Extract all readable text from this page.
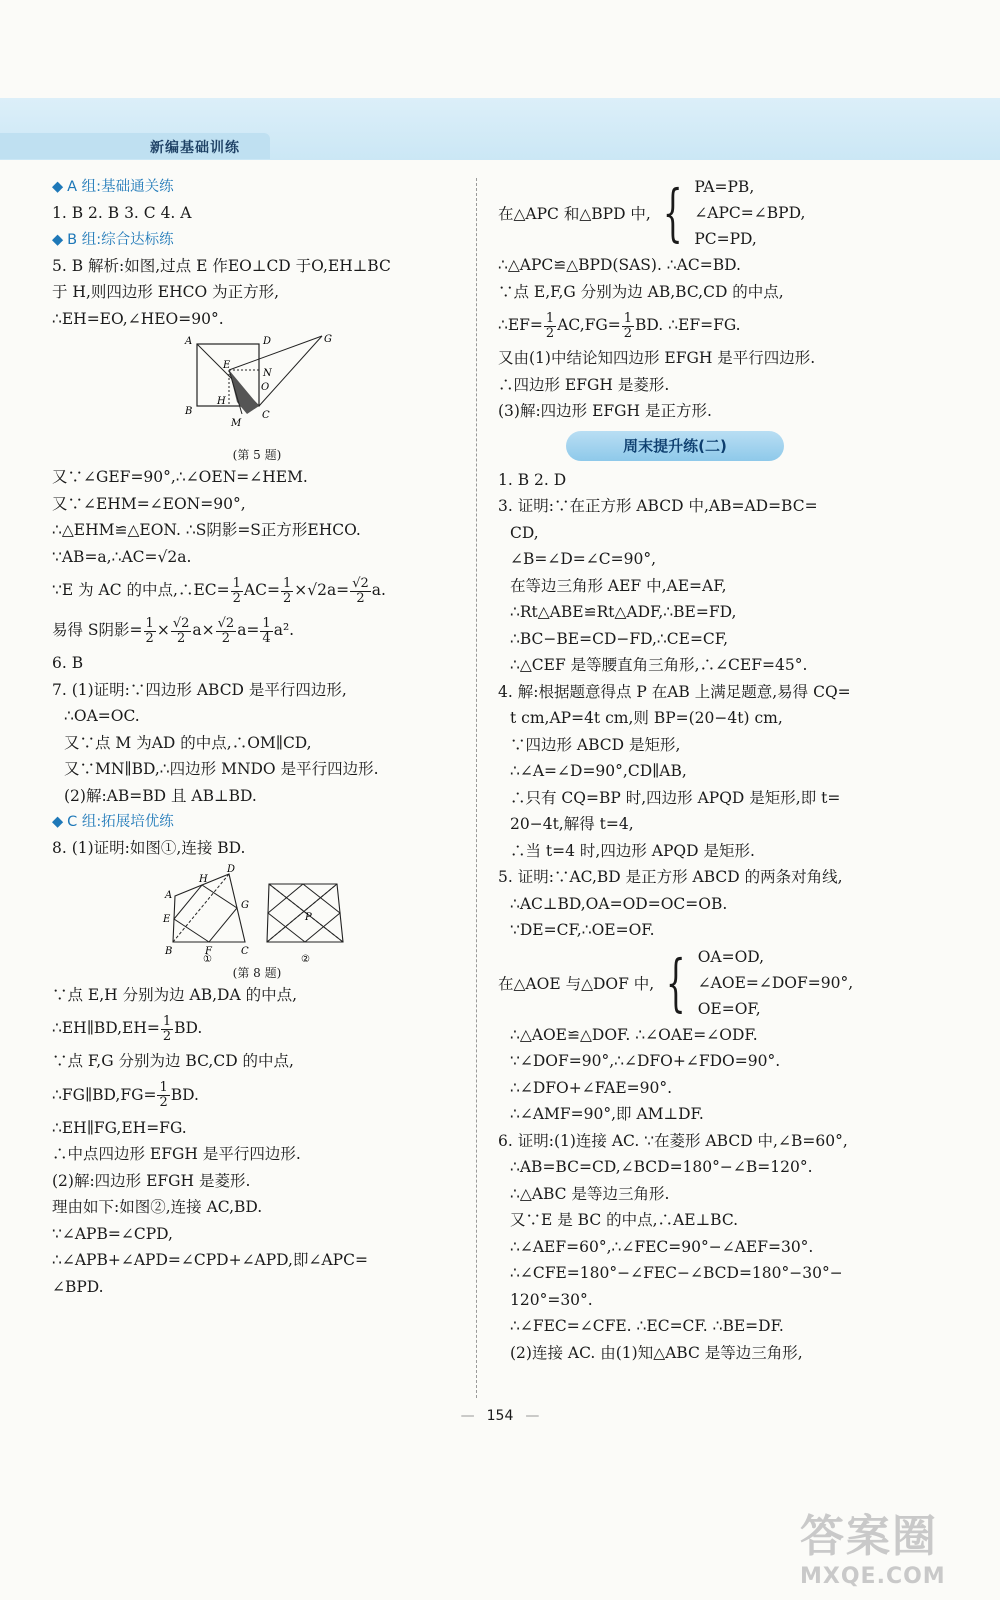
新编基础训练
◆ A 组:基础通关练
1. B 2. B 3. C 4. A
◆ B 组:综合达标练
5. B 解析:如图,过点 E 作EO⊥CD 于O,EH⊥BC
于 H,则四边形 EHCO 为正方形,
∴EH=EO,∠HEO=90°.
A	D	G
E
N
O
B
H
M
C
(第 5 题)
又∵∠GEF=90°,∴∠OEN=∠HEM.
又∵∠EHM=∠EON=90°,
∴△EHM≌△EON. ∴S阴影=S正方形EHCO.
∵AB=a,∴AC=√2a.
∵E 为 AC 的中点,∴EC= $\frac{1}{2} AC= \frac{1}{2} \times√2a= \frac{√2}{2} a$.
易得 S阴影= $\frac{1}{2} \times \frac{√2}{2} a\times \frac{√2}{2} a= \frac{1}{4} a^2$.
6. B
7. (1)证明:∵四边形 ABCD 是平行四边形,
∴OA=OC.
又∵点 M 为AD 的中点,∴OM∥CD,
又∵MN∥BD,∴四边形 MNDO 是平行四边形.
(2)解:AB=BD 且 AB⊥BD.
◆ C 组:拓展培优练
8. (1)证明:如图①,连接 BD.
A
D
E
H
G
B	F	C
P
①	②
(第 8 题)
∵点 E,H 分别为边 AB,DA 的中点,
∴EH∥BD,EH= $\frac{1}{2}$ BD.
∵点 F,G 分别为边 BC,CD 的中点,
∴FG∥BD,FG= $\frac{1}{2}$ BD.
∴EH∥FG,EH=FG.
∴中点四边形 EFGH 是平行四边形.
(2)解:四边形 EFGH 是菱形.
理由如下:如图②,连接 AC,BD.
∵∠APB=∠CPD,
∴∠APB+∠APD=∠CPD+∠APD,即∠APC=
∠BPD.
在△APC 和△BPD 中, { PA=PB,
∠APC=∠BPD,
PC=PD,
∴△APC≌△BPD(SAS). ∴AC=BD.
∵点 E,F,G 分别为边 AB,BC,CD 的中点,
∴EF= $\frac{1}{2} AC,FG= \frac{1}{2}$ BD. ∴EF=FG.
又由(1)中结论知四边形 EFGH 是平行四边形.
∴四边形 EFGH 是菱形.
(3)解:四边形 EFGH 是正方形.
周末提升练(二)
1. B 2. D
3. 证明:∵在正方形 ABCD 中,AB=AD=BC=
CD,
∠B=∠D=∠C=90°,
在等边三角形 AEF 中,AE=AF,
∴Rt△ABE≌Rt△ADF,∴BE=FD,
∴BC−BE=CD−FD,∴CE=CF,
∴△CEF 是等腰直角三角形,∴∠CEF=45°.
4. 解:根据题意得点 P 在AB 上满足题意,易得 CQ=
t cm,AP=4t cm,则 BP=(20−4t) cm,
∵四边形 ABCD 是矩形,
∴∠A=∠D=90°,CD∥AB,
∴只有 CQ=BP 时,四边形 APQD 是矩形,即 t=
20−4t,解得 t=4,
∴当 t=4 时,四边形 APQD 是矩形.
5. 证明:∵AC,BD 是正方形 ABCD 的两条对角线,
∴AC⊥BD,OA=OD=OC=OB.
∵DE=CF,∴OE=OF.
在△AOE 与△DOF 中, { OA=OD,
∠AOE=∠DOF=90°,
OE=OF,
∴△AOE≌△DOF. ∴∠OAE=∠ODF.
∵∠DOF=90°,∴∠DFO+∠FDO=90°.
∴∠DFO+∠FAE=90°.
∴∠AMF=90°,即 AM⊥DF.
6. 证明:(1)连接 AC. ∵在菱形 ABCD 中,∠B=60°,
∴AB=BC=CD,∠BCD=180°−∠B=120°.
∴△ABC 是等边三角形.
又∵E 是 BC 的中点,∴AE⊥BC.
∴∠AEF=60°,∴∠FEC=90°−∠AEF=30°.
∴∠CFE=180°−∠FEC−∠BCD=180°−30°−
120°=30°.
∴∠FEC=∠CFE. ∴EC=CF. ∴BE=DF.
(2)连接 AC. 由(1)知△ABC 是等边三角形,
— 154 —
答案圈
MXQE.COM
